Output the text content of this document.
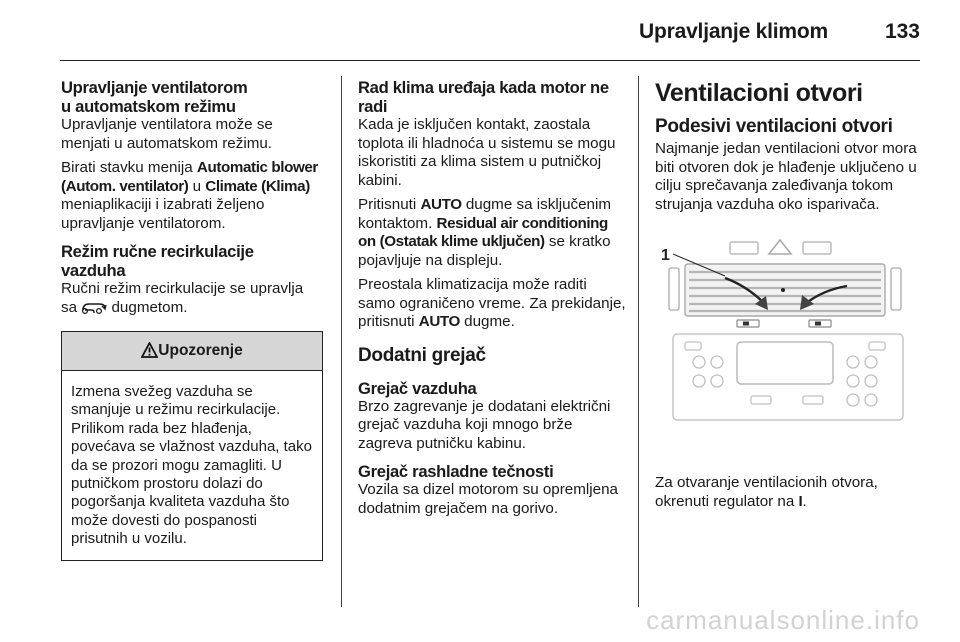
Upravljanje klimom	133
Upravljanje ventilatorom
u automatskom režimu

Upravljanje ventilatora može se menjati u automatskom režimu.

Birati stavku menija Automatic blower (Autom. ventilator) u Climate (Klima) meniaplikaciji i izabrati željeno upravljanje ventilatorom.

Režim ručne recirkulacije
vazduha

Ručni režim recirkulacije se upravlja sa  dugmetom.

Upozorenje
Izmena svežeg vazduha se smanjuje u režimu recirkulacije. Prilikom rada bez hlađenja, povećava se vlažnost vazduha, tako da se prozori mogu zamagliti. U putničkom prostoru dolazi do pogoršanja kvaliteta vazduha što može dovesti do pospanosti prisutnih u vozilu.
Rad klima uređaja kada motor ne radi

Kada je isključen kontakt, zaostala toplota ili hladnoća u sistemu se mogu iskoristiti za klima sistem u putničkoj kabini.

Pritisnuti AUTO dugme sa isključenim kontaktom. Residual air conditioning on (Ostatak klime uključen) se kratko pojavljuje na displeju.

Preostala klimatizacija može raditi samo ograničeno vreme. Za prekidanje, pritisnuti AUTO dugme.

Dodatni grejač
Grejač vazduha

Brzo zagrevanje je dodatani električni grejač vazduha koji mnogo brže zagreva putničku kabinu.

Grejač rashladne tečnosti

Vozila sa dizel motorom su opremljena dodatnim grejačem na gorivo.

Ventilacioni otvori
Podesivi ventilacioni otvori

Najmanje jedan ventilacioni otvor mora biti otvoren dok je hlađenje uključeno u cilju sprečavanja zaleđivanja tokom strujanja vazduha oko isparivača.

1

Za otvaranje ventilacionih otvora, okrenuti regulator na I.

carmanualsonline.info
